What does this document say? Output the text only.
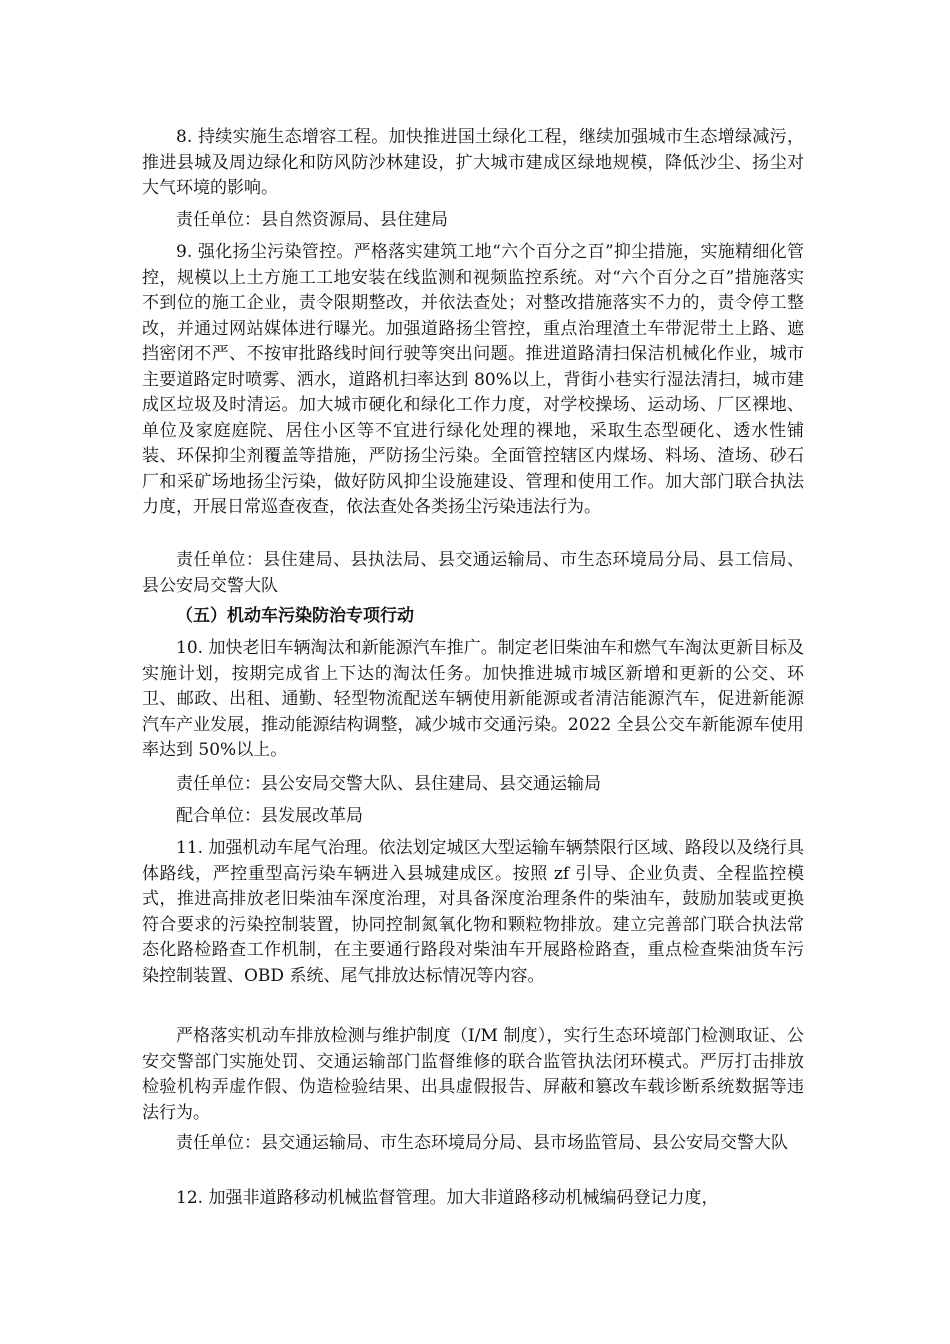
8. 持续实施生态增容工程。加快推进国土绿化工程，继续加强城市生态增绿减污，推进县城及周边绿化和防风防沙林建设，扩大城市建成区绿地规模，降低沙尘、扬尘对大气环境的影响。

责任单位：县自然资源局、县住建局

9. 强化扬尘污染管控。严格落实建筑工地“六个百分之百”抑尘措施，实施精细化管控，规模以上土方施工工地安装在线监测和视频监控系统。对“六个百分之百”措施落实不到位的施工企业，责令限期整改，并依法查处；对整改措施落实不力的，责令停工整改，并通过网站媒体进行曝光。加强道路扬尘管控，重点治理渣土车带泥带土上路、遮挡密闭不严、不按审批路线时间行驶等突出问题。推进道路清扫保洁机械化作业，城市主要道路定时喷雾、洒水，道路机扫率达到 80%以上，背街小巷实行湿法清扫，城市建成区垃圾及时清运。加大城市硬化和绿化工作力度，对学校操场、运动场、厂区裸地、单位及家庭庭院、居住小区等不宜进行绿化处理的裸地，采取生态型硬化、透水性铺装、环保抑尘剂覆盖等措施，严防扬尘污染。全面管控辖区内煤场、料场、渣场、砂石厂和采矿场地扬尘污染，做好防风抑尘设施建设、管理和使用工作。加大部门联合执法力度，开展日常巡查夜查，依法查处各类扬尘污染违法行为。

责任单位：县住建局、县执法局、县交通运输局、市生态环境局分局、县工信局、县公安局交警大队

（五）机动车污染防治专项行动

10. 加快老旧车辆淘汰和新能源汽车推广。制定老旧柴油车和燃气车淘汰更新目标及实施计划，按期完成省上下达的淘汰任务。加快推进城市城区新增和更新的公交、环卫、邮政、出租、通勤、轻型物流配送车辆使用新能源或者清洁能源汽车，促进新能源汽车产业发展，推动能源结构调整，减少城市交通污染。2022 全县公交车新能源车使用率达到 50%以上。

责任单位：县公安局交警大队、县住建局、县交通运输局

配合单位：县发展改革局

11. 加强机动车尾气治理。依法划定城区大型运输车辆禁限行区域、路段以及绕行具体路线，严控重型高污染车辆进入县城建成区。按照 zf 引导、企业负责、全程监控模式，推进高排放老旧柴油车深度治理，对具备深度治理条件的柴油车，鼓励加装或更换符合要求的污染控制装置，协同控制氮氧化物和颗粒物排放。建立完善部门联合执法常态化路检路查工作机制，在主要通行路段对柴油车开展路检路查，重点检查柴油货车污染控制装置、OBD 系统、尾气排放达标情况等内容。

严格落实机动车排放检测与维护制度（I/M 制度），实行生态环境部门检测取证、公安交警部门实施处罚、交通运输部门监督维修的联合监管执法闭环模式。严厉打击排放检验机构弄虚作假、伪造检验结果、出具虚假报告、屏蔽和篡改车载诊断系统数据等违法行为。

责任单位：县交通运输局、市生态环境局分局、县市场监管局、县公安局交警大队

12. 加强非道路移动机械监督管理。加大非道路移动机械编码登记力度，
